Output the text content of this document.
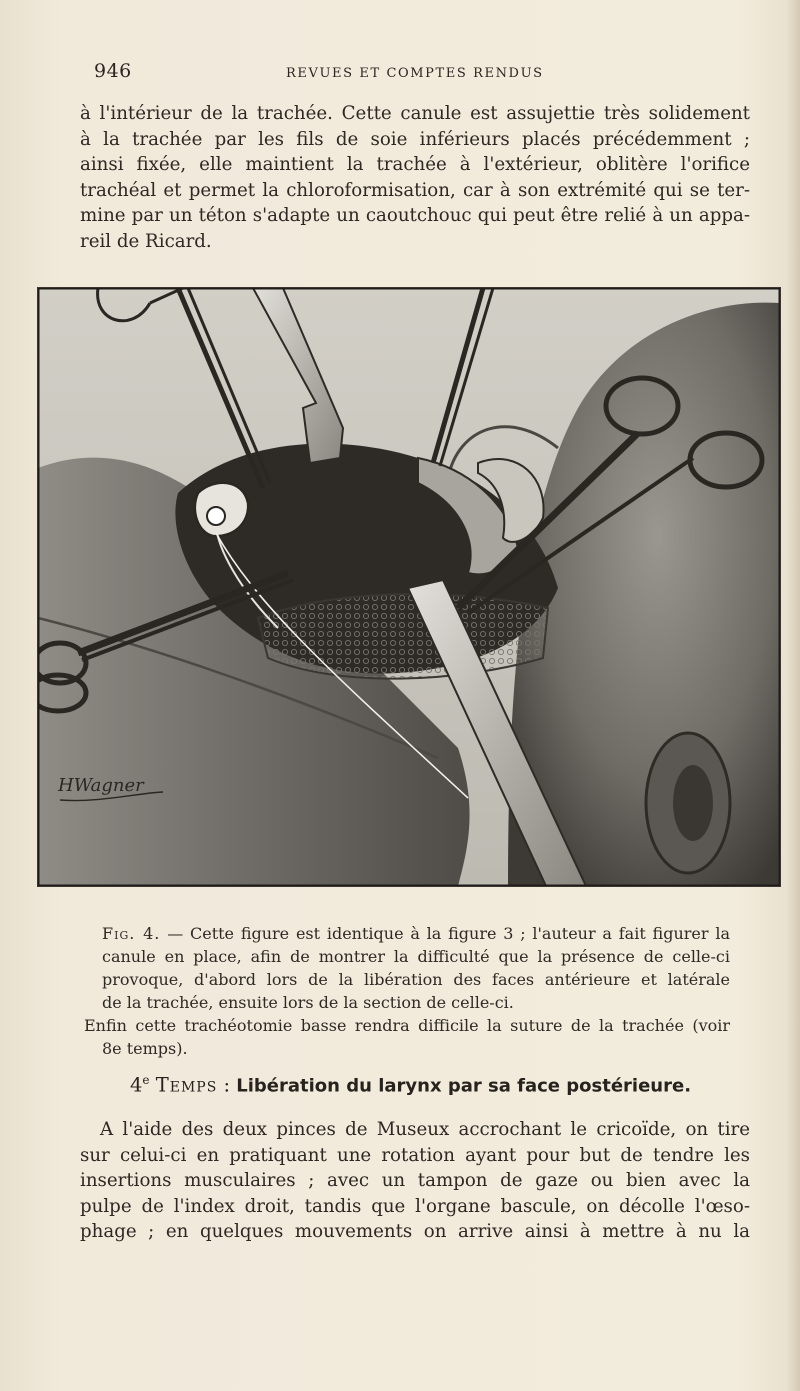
946	REVUES ET COMPTES RENDUS
à l'intérieur de la trachée. Cette canule est assujettie très solidement
à la trachée par les fils de soie inférieurs placés précédemment ;
ainsi fixée, elle maintient la trachée à l'extérieur, oblitère l'orifice
trachéal et permet la chloroformisation, car à son extrémité qui se ter-
mine par un téton s'adapte un caoutchouc qui peut être relié à un appa-
reil de Ricard.
HWagner
Fig. 4. — Cette figure est identique à la figure 3 ; l'auteur a fait figurer la
canule en place, afin de montrer la difficulté que la présence de celle-ci
provoque, d'abord lors de la libération des faces antérieure et latérale
de la trachée, ensuite lors de la section de celle-ci.
Enfin cette trachéotomie basse rendra difficile la suture de la trachée (voir
8e temps).
4e Temps : Libération du larynx par sa face postérieure.
A l'aide des deux pinces de Museux accrochant le cricoïde, on tire
sur celui-ci en pratiquant une rotation ayant pour but de tendre les
insertions musculaires ; avec un tampon de gaze ou bien avec la
pulpe de l'index droit, tandis que l'organe bascule, on décolle l'œso-
phage ; en quelques mouvements on arrive ainsi à mettre à nu la
